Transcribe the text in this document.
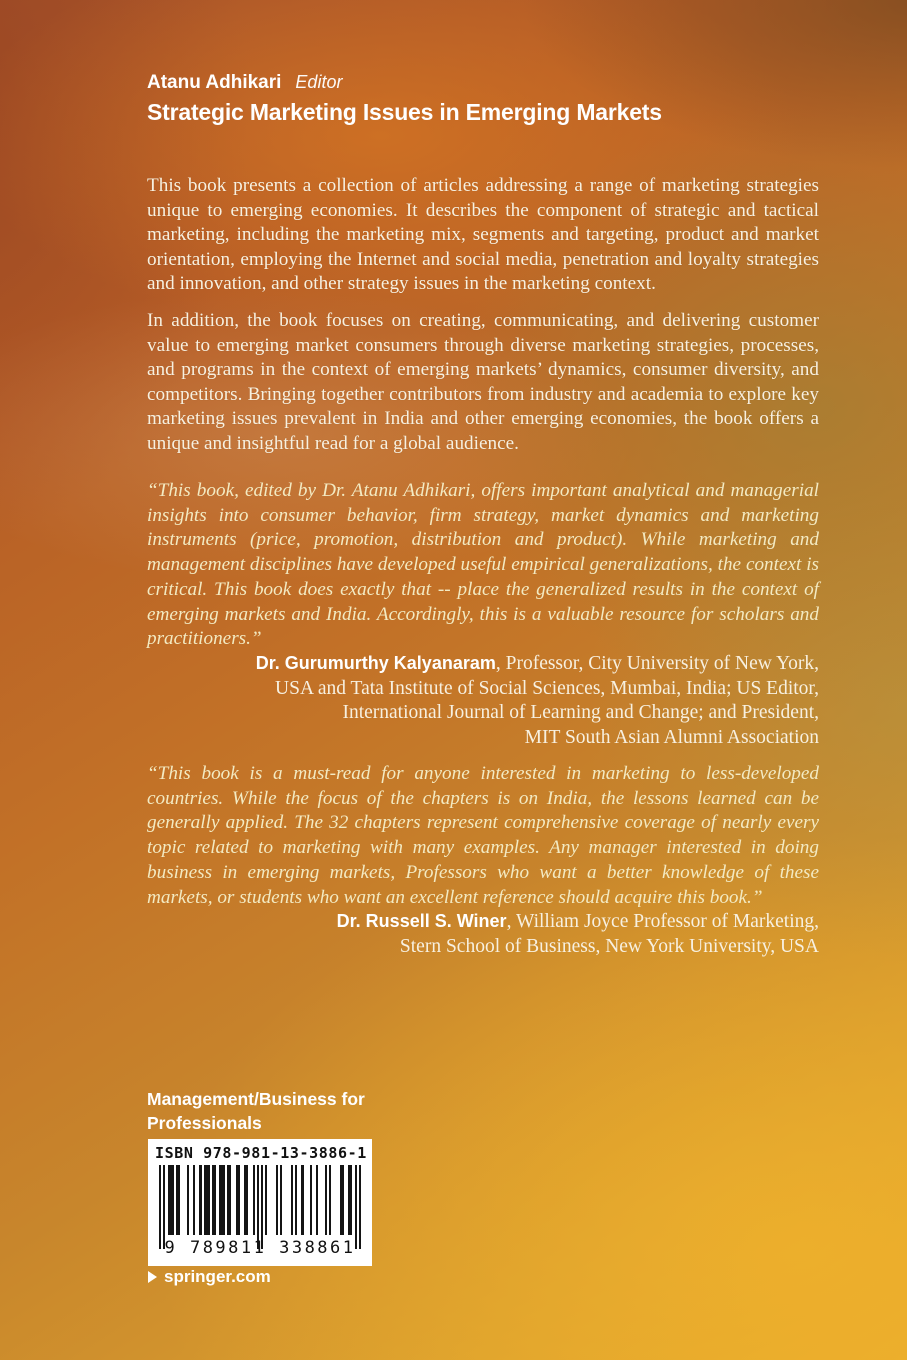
Atanu Adhikari Editor
Strategic Marketing Issues in Emerging Markets
This book presents a collection of articles addressing a range of marketing strategies unique to emerging economies. It describes the component of strategic and tactical marketing, including the marketing mix, segments and targeting, product and market orientation, employing the Internet and social media, penetration and loyalty strategies and innovation, and other strategy issues in the marketing context.
In addition, the book focuses on creating, communicating, and delivering customer value to emerging market consumers through diverse marketing strategies, processes, and programs in the context of emerging markets’ dynamics, consumer diversity, and competitors. Bringing together contributors from industry and academia to explore key marketing issues prevalent in India and other emerging economies, the book offers a unique and insightful read for a global audience.
“This book, edited by Dr. Atanu Adhikari, offers important analytical and managerial insights into consumer behavior, firm strategy, market dynamics and marketing instruments (price, promotion, distribution and product). While marketing and management disciplines have developed useful empirical generalizations, the context is critical. This book does exactly that -- place the generalized results in the context of emerging markets and India. Accordingly, this is a valuable resource for scholars and practitioners.”
Dr. Gurumurthy Kalyanaram, Professor, City University of New York,
USA and Tata Institute of Social Sciences, Mumbai, India; US Editor,
International Journal of Learning and Change; and President,
MIT South Asian Alumni Association
“This book is a must-read for anyone interested in marketing to less-developed countries. While the focus of the chapters is on India, the lessons learned can be generally applied. The 32 chapters represent comprehensive coverage of nearly every topic related to marketing with many examples. Any manager interested in doing business in emerging markets, Professors who want a better knowledge of these markets, or students who want an excellent reference should acquire this book.”
Dr. Russell S. Winer, William Joyce Professor of Marketing,
Stern School of Business, New York University, USA
Management/Business for
Professionals
ISBN 978-981-13-3886-1
9 789811 338861
springer.com
